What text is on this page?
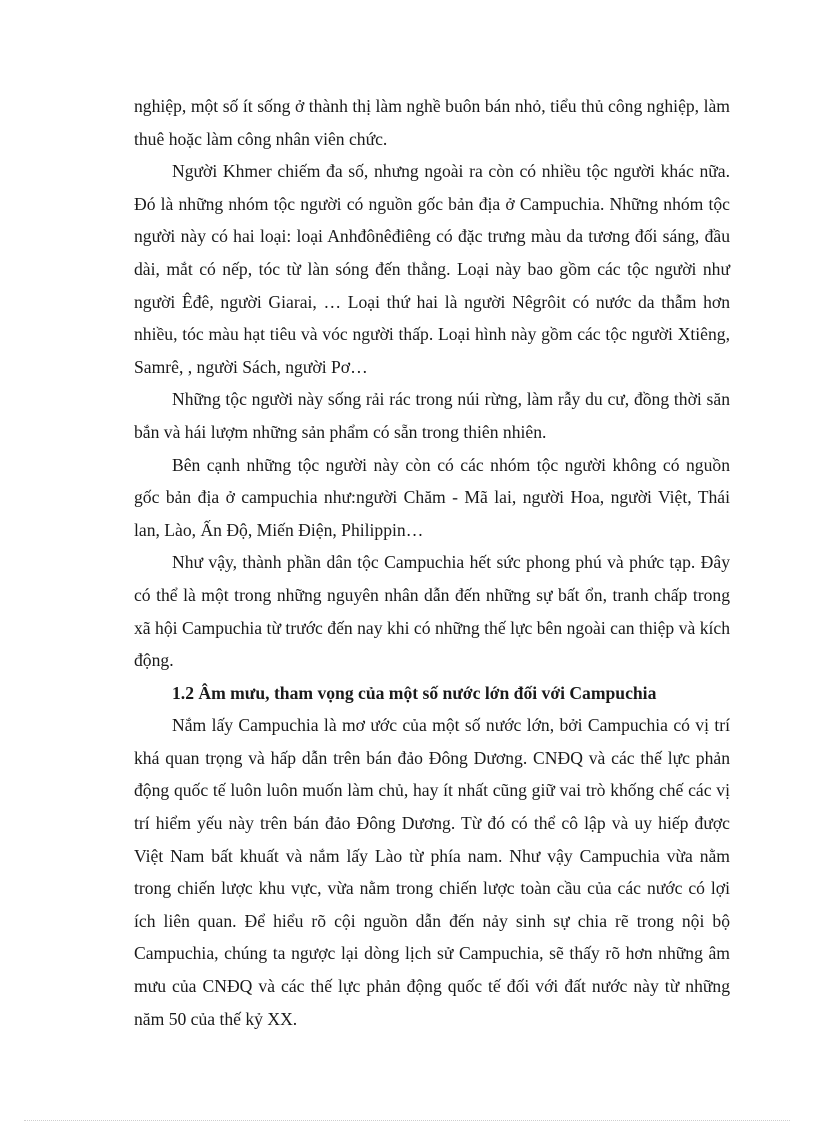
nghiệp, một số ít sống ở thành thị làm nghề buôn bán nhỏ, tiểu thủ công nghiệp, làm thuê hoặc làm công nhân viên chức.

Người Khmer chiếm đa số, nhưng ngoài ra còn có nhiều tộc người khác nữa. Đó là những nhóm tộc người có nguồn gốc bản địa ở Campuchia. Những nhóm tộc người này có hai loại: loại Anhđônêđiêng có đặc trưng màu da tương đối sáng, đầu dài, mắt có nếp, tóc từ làn sóng đến thẳng. Loại này bao gồm các tộc người như người Êđê, người Giarai, … Loại thứ hai là người Nêgrôit có nước da thẫm hơn nhiều, tóc màu hạt tiêu và vóc người thấp. Loại hình này gồm các tộc người Xtiêng, Samrê, , người Sách, người Pơ…

Những tộc người này sống rải rác trong núi rừng, làm rẫy du cư, đồng thời săn bắn và hái lượm những sản phẩm có sẵn trong thiên nhiên.

Bên cạnh những tộc người này còn có các nhóm tộc người không có nguồn gốc bản địa ở campuchia như:người Chăm - Mã lai, người Hoa, người Việt, Thái lan, Lào, Ấn Độ, Miến Điện, Philippin…

Như vậy, thành phần dân tộc Campuchia hết sức phong phú và phức tạp. Đây có thể là một trong những nguyên nhân dẫn đến những sự bất ổn, tranh chấp trong xã hội Campuchia từ trước đến nay khi có những thế lực bên ngoài can thiệp và kích động.

1.2 Âm mưu, tham vọng của một số nước lớn đối với Campuchia

Nắm lấy Campuchia là mơ ước của một số nước lớn, bởi Campuchia có vị trí khá quan trọng và hấp dẫn trên bán đảo Đông Dương. CNĐQ và các thế lực phản động quốc tế luôn luôn muốn làm chủ, hay ít nhất cũng giữ vai trò khống chế các vị trí hiểm yếu này trên bán đảo Đông Dương. Từ đó có thể cô lập và uy hiếp được Việt Nam bất khuất và nắm lấy Lào từ phía nam. Như vậy Campuchia vừa nằm trong chiến lược khu vực, vừa nằm trong chiến lược toàn cầu của các nước có lợi ích liên quan. Để hiểu rõ cội nguồn dẫn đến nảy sinh sự chia rẽ trong nội bộ Campuchia, chúng ta ngược lại dòng lịch sử Campuchia, sẽ thấy rõ hơn những âm mưu của CNĐQ và các thế lực phản động quốc tế đối với đất nước này từ những năm 50 của thế kỷ XX.
